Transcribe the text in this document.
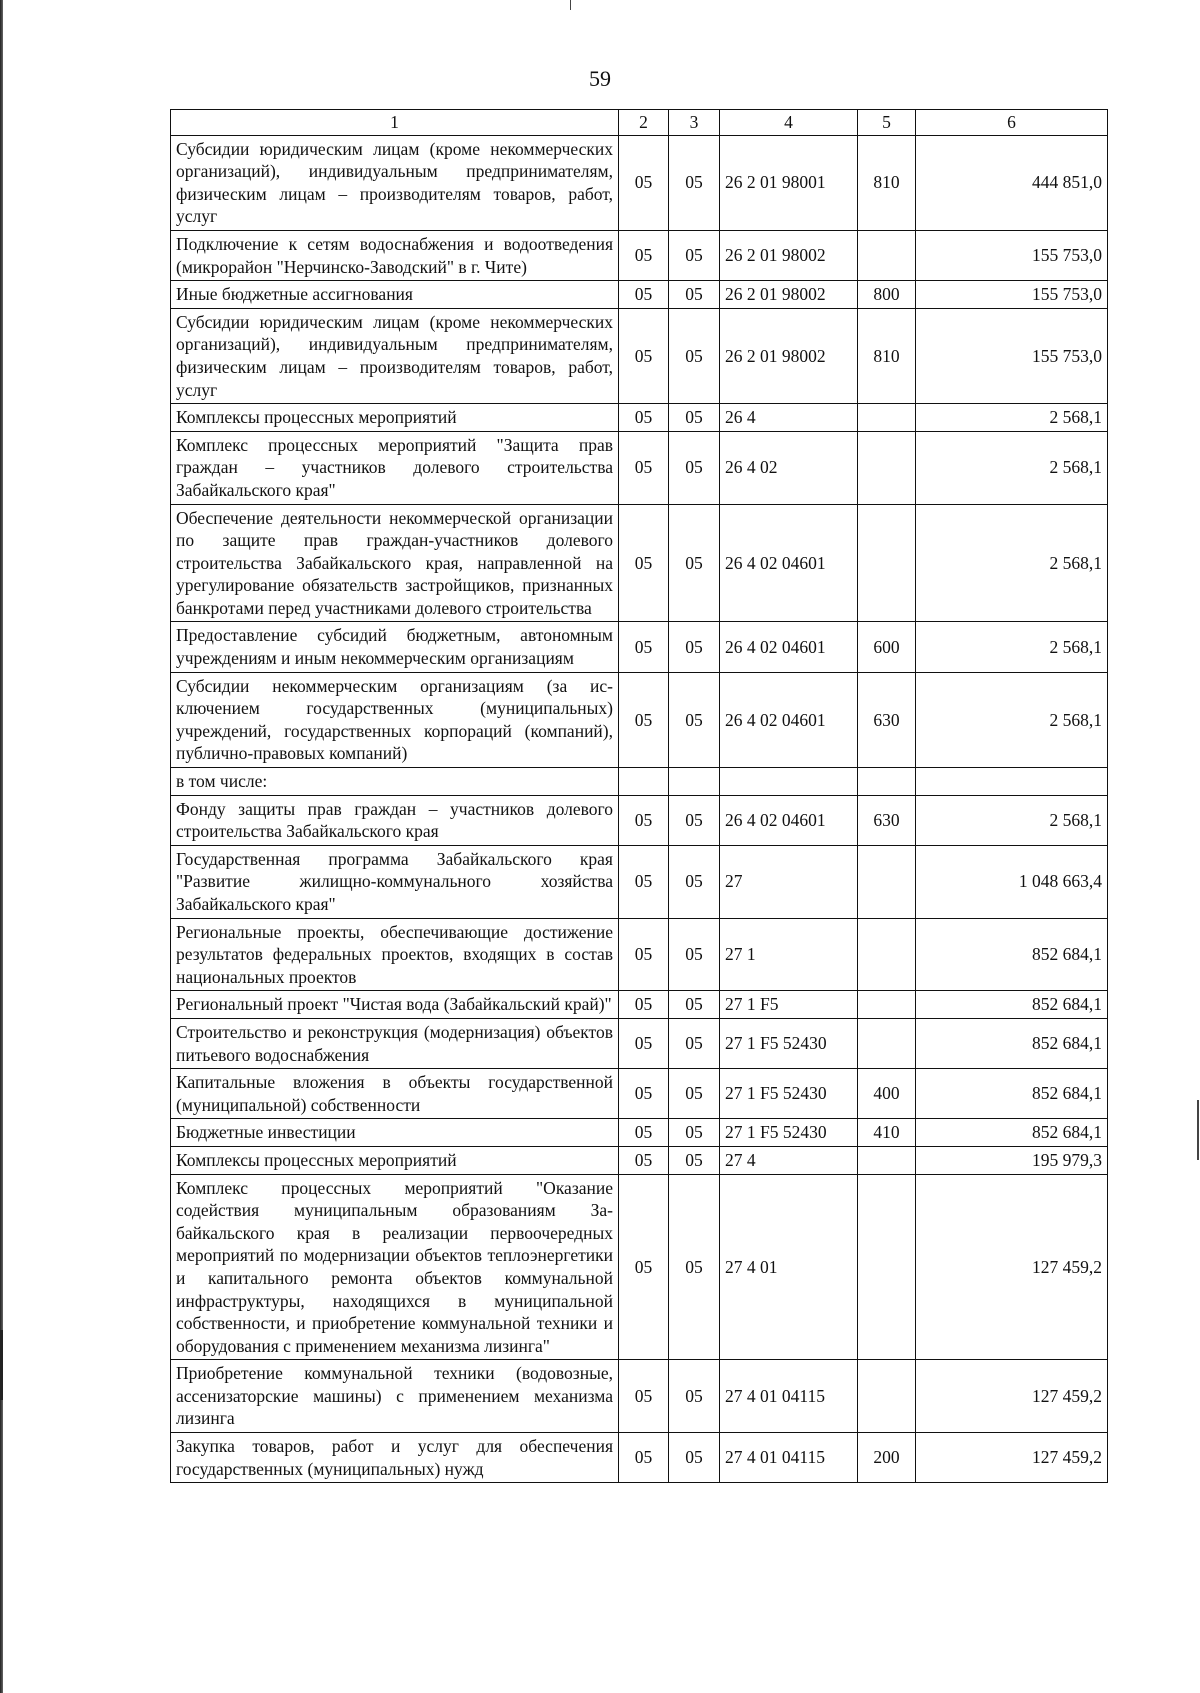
59
1	2	3	4	5	6
Субсидии юридическим лицам (кроме некоммерческих организаций), индивидуальным предпринимателям, физическим лицам – производителям товаров, работ, услуг	05	05	26 2 01 98001	810	444 851,0
Подключение к сетям водоснабжения и водоотведения (микрорайон "Нерчинско-Заводский" в г. Чите)	05	05	26 2 01 98002		155 753,0
Иные бюджетные ассигнования	05	05	26 2 01 98002	800	155 753,0
Субсидии юридическим лицам (кроме некоммерческих организаций), индивидуальным предпринимателям, физическим лицам – производителям товаров, работ, услуг	05	05	26 2 01 98002	810	155 753,0
Комплексы процессных мероприятий	05	05	26 4		2 568,1
Комплекс процессных мероприятий "Защита прав граждан – участников долевого строительства Забайкальского края"	05	05	26 4 02		2 568,1
Обеспечение деятельности некоммерческой организации по защите прав граждан-участников долевого строительства Забайкальского края, направленной на урегулирование обязательств застройщиков, признанных банкротами перед участниками долевого строительства	05	05	26 4 02 04601		2 568,1
Предоставление субсидий бюджетным, автономным учреждениям и иным некоммерческим организациям	05	05	26 4 02 04601	600	2 568,1
Субсидии некоммерческим организациям (за исключением государственных (муниципальных) учреждений, государственных корпораций (компаний), публично-правовых компаний)	05	05	26 4 02 04601	630	2 568,1
в том числе:					
Фонду защиты прав граждан – участников долевого строительства Забайкальского края	05	05	26 4 02 04601	630	2 568,1
Государственная программа Забайкальского края "Развитие жилищно-коммунального хозяйства Забайкальского края"	05	05	27		1 048 663,4
Региональные проекты, обеспечивающие достижение результатов федеральных проектов, входящих в состав национальных проектов	05	05	27 1		852 684,1
Региональный проект "Чистая вода (Забайкальский край)"	05	05	27 1 F5		852 684,1
Строительство и реконструкция (модернизация) объектов питьевого водоснабжения	05	05	27 1 F5 52430		852 684,1
Капитальные вложения в объекты государственной (муниципальной) собственности	05	05	27 1 F5 52430	400	852 684,1
Бюджетные инвестиции	05	05	27 1 F5 52430	410	852 684,1
Комплексы процессных мероприятий	05	05	27 4		195 979,3
Комплекс процессных мероприятий "Оказание содействия муниципальным образованиям Забайкальского края в реализации первоочередных мероприятий по модернизации объектов теплоэнергетики и капитального ремонта объектов коммунальной инфраструктуры, находящихся в муниципальной собственности, и приобретение коммунальной техники и оборудования с применением механизма лизинга"	05	05	27 4 01		127 459,2
Приобретение коммунальной техники (водовозные, ассенизаторские машины) с применением механизма лизинга	05	05	27 4 01 04115		127 459,2
Закупка товаров, работ и услуг для обеспечения государственных (муниципальных) нужд	05	05	27 4 01 04115	200	127 459,2
